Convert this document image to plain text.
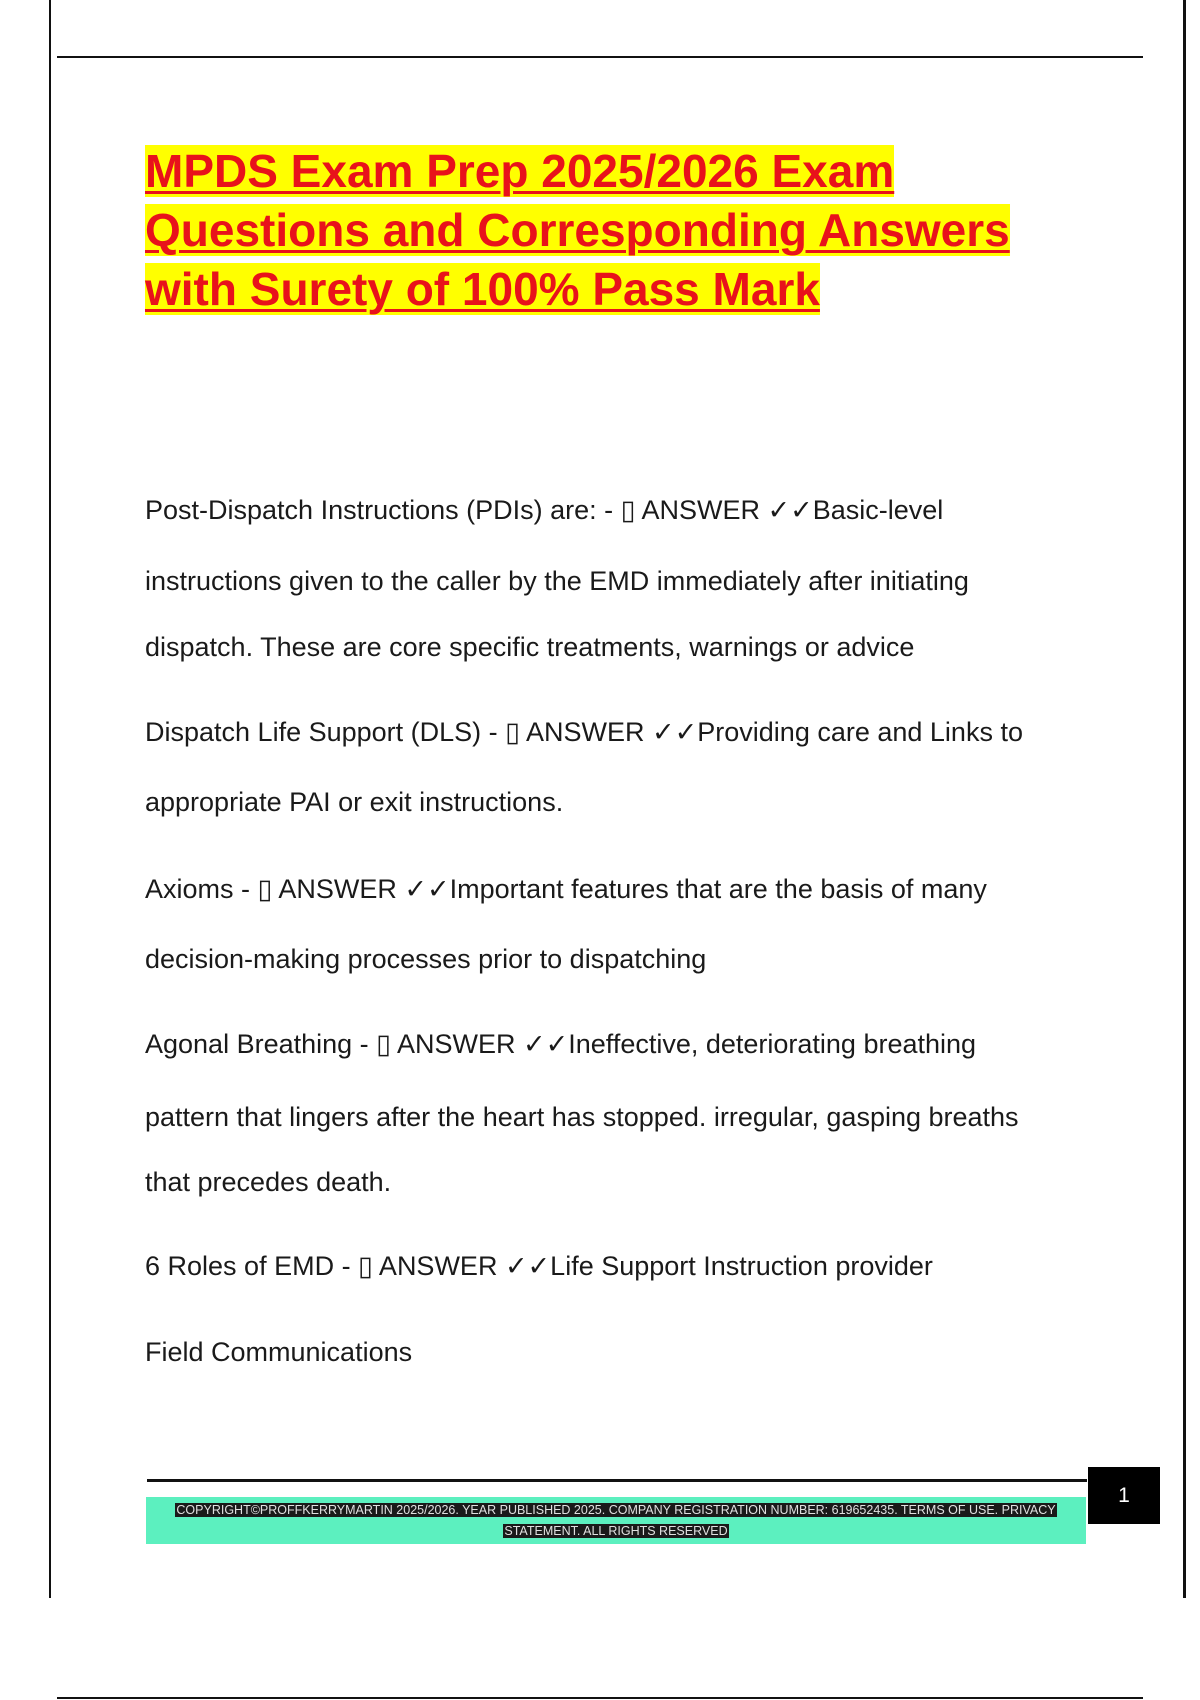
MPDS Exam Prep 2025/2026 Exam
Questions and Corresponding Answers
with Surety of 100% Pass Mark
Post-Dispatch Instructions (PDIs) are: - ▯ ANSWER ✓✓Basic-level
instructions given to the caller by the EMD immediately after initiating
dispatch. These are core specific treatments, warnings or advice
Dispatch Life Support (DLS) - ▯ ANSWER ✓✓Providing care and Links to
appropriate PAI or exit instructions.
Axioms - ▯ ANSWER ✓✓Important features that are the basis of many
decision-making processes prior to dispatching
Agonal Breathing - ▯ ANSWER ✓✓Ineffective, deteriorating breathing
pattern that lingers after the heart has stopped. irregular, gasping breaths
that precedes death.
6 Roles of EMD - ▯ ANSWER ✓✓Life Support Instruction provider
Field Communications
1
COPYRIGHT©PROFFKERRYMARTIN 2025/2026. YEAR PUBLISHED 2025. COMPANY REGISTRATION NUMBER: 619652435. TERMS OF USE. PRIVACY STATEMENT. ALL RIGHTS RESERVED
